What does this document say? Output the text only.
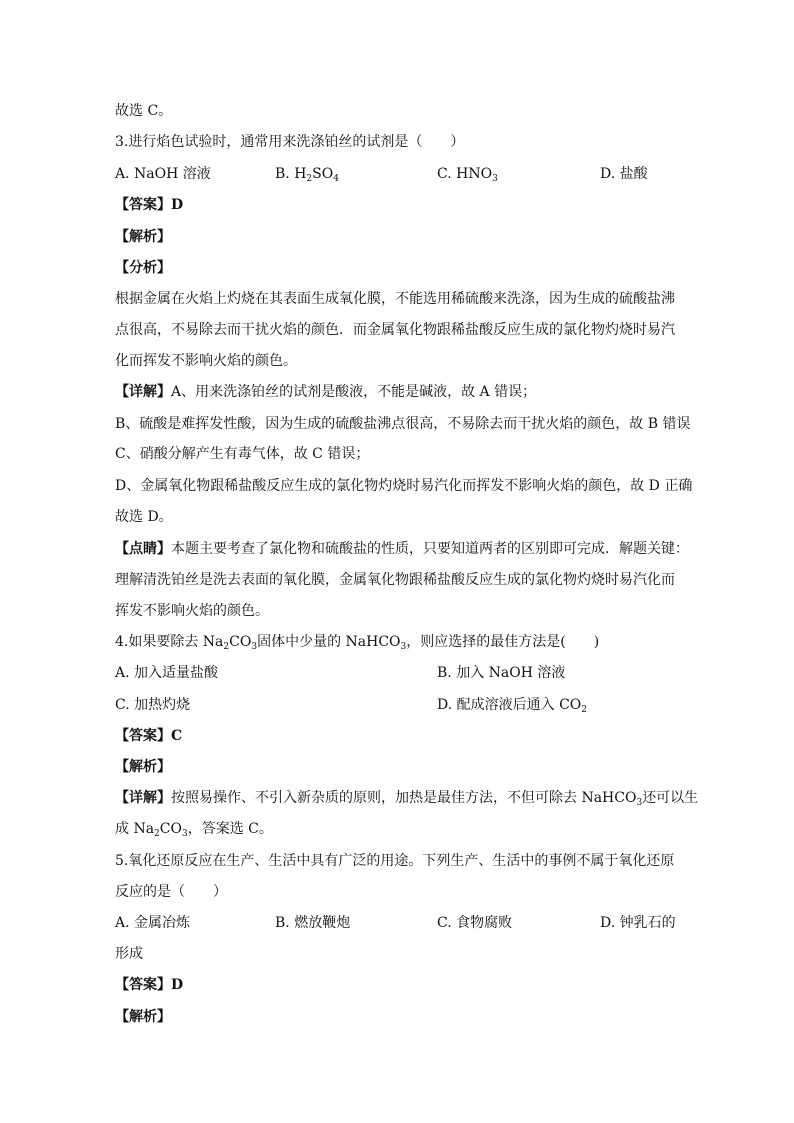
故选 C。
3.进行焰色试验时，通常用来洗涤铂丝的试剂是（　　）
A. NaOH 溶液	B. $H_2SO_4$	C. $HNO_3$	D. 盐酸
【答案】D
【解析】
【分析】
根据金属在火焰上灼烧在其表面生成氧化膜，不能选用稀硫酸来洗涤，因为生成的硫酸盐沸
点很高，不易除去而干扰火焰的颜色．而金属氧化物跟稀盐酸反应生成的氯化物灼烧时易汽
化而挥发不影响火焰的颜色。
【详解】A、用来洗涤铂丝的试剂是酸液，不能是碱液，故 A 错误；
B、硫酸是难挥发性酸，因为生成的硫酸盐沸点很高，不易除去而干扰火焰的颜色，故 B 错误
C、硝酸分解产生有毒气体，故 C 错误；
D、金属氧化物跟稀盐酸反应生成的氯化物灼烧时易汽化而挥发不影响火焰的颜色，故 D 正确
故选 D。
【点睛】本题主要考查了氯化物和硫酸盐的性质，只要知道两者的区别即可完成．解题关键：
理解清洗铂丝是洗去表面的氧化膜，金属氧化物跟稀盐酸反应生成的氯化物灼烧时易汽化而
挥发不影响火焰的颜色。
4.如果要除去 $Na_2CO_3$固体中少量的 NaHCO$_3$，则应选择的最佳方法是(　　)
A. 加入适量盐酸	B. 加入 NaOH 溶液
C. 加热灼烧	D. 配成溶液后通入 $CO_2$
【答案】C
【解析】
【详解】按照易操作、不引入新杂质的原则，加热是最佳方法，不但可除去 NaHCO$_3$还可以生
成 $Na_2CO_3$，答案选 C。
5.氧化还原反应在生产、生活中具有广泛的用途。下列生产、生活中的事例不属于氧化还原
反应的是（　　）
A. 金属冶炼	B. 燃放鞭炮	C. 食物腐败	D. 钟乳石的
形成
【答案】D
【解析】
